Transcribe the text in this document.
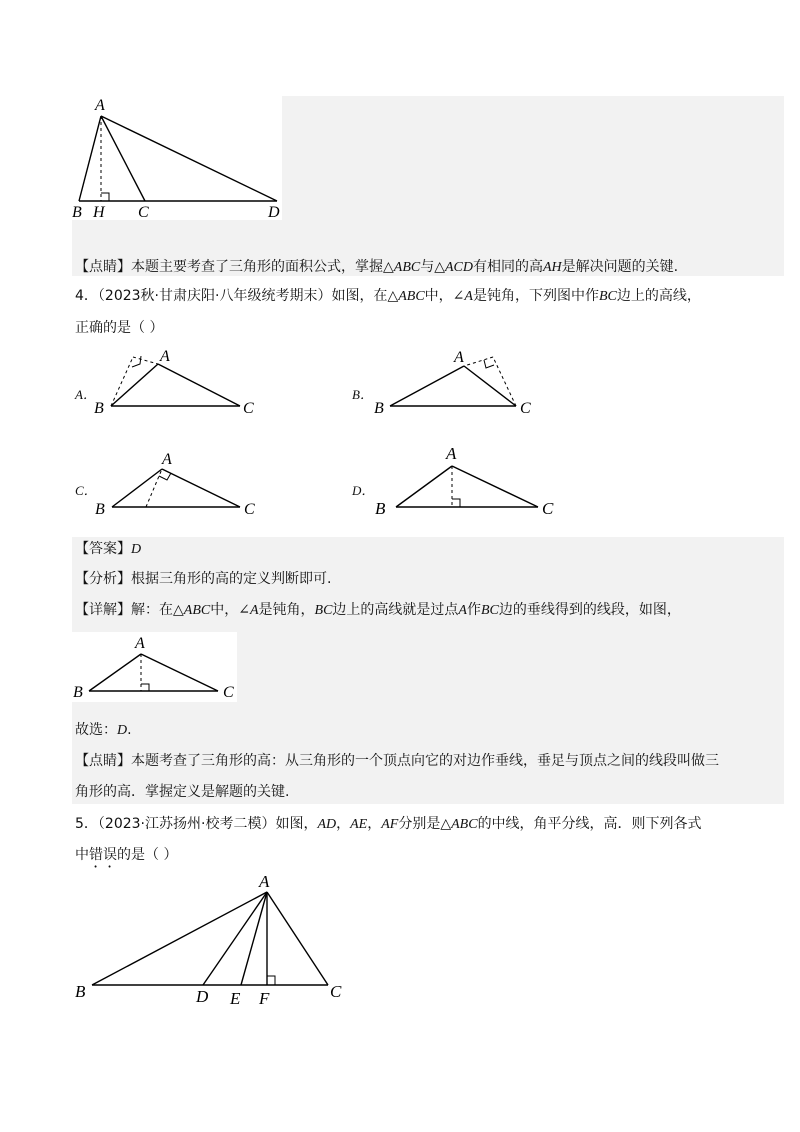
A
B H C	D
【点睛】本题主要考查了三角形的面积公式，掌握△ABC与△ACD有相同的高AH是解决问题的关键.
4．（2023秋·甘肃庆阳·八年级统考期末）如图，在△ABC中，∠A是钝角，下列图中作BC边上的高线，
正确的是（ ）
A．
A
B	C
B．
A
B	C
C．
A
B	C
D．
A
B	C
【答案】D
【分析】根据三角形的高的定义判断即可.
【详解】解：在△ABC中，∠A是钝角，BC边上的高线就是过点A作BC边的垂线得到的线段，如图，
A
B	C
故选：D.
【点睛】本题考查了三角形的高：从三角形的一个顶点向它的对边作垂线，垂足与顶点之间的线段叫做三
角形的高．掌握定义是解题的关键.
5．（2023·江苏扬州·校考二模）如图，AD，AE，AF分别是△ABC的中线，角平分线，高．则下列各式
中错误的是（ ）
A
B	D E F	C
